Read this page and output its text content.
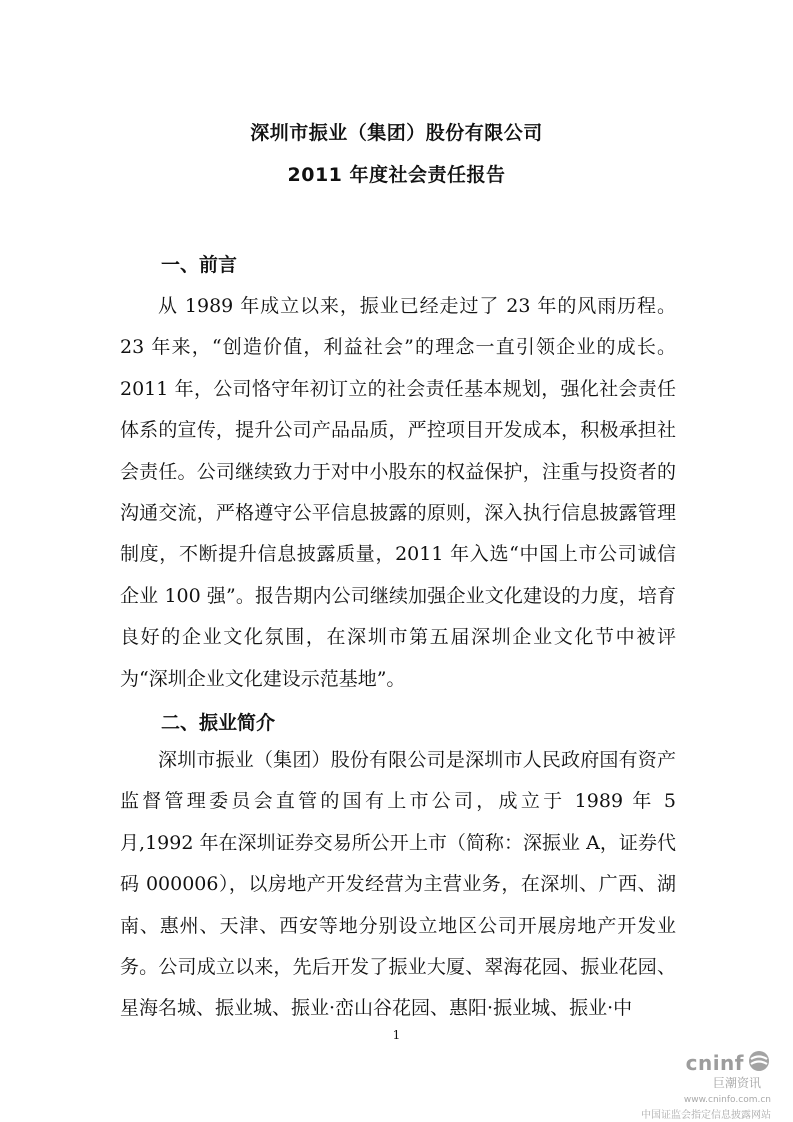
深圳市振业（集团）股份有限公司
2011 年度社会责任报告
一、前言

从 1989 年成立以来，振业已经走过了 23 年的风雨历程。23 年来，“创造价值，利益社会”的理念一直引领企业的成长。2011 年，公司恪守年初订立的社会责任基本规划，强化社会责任体系的宣传，提升公司产品品质，严控项目开发成本，积极承担社会责任。公司继续致力于对中小股东的权益保护，注重与投资者的沟通交流，严格遵守公平信息披露的原则，深入执行信息披露管理制度，不断提升信息披露质量，2011 年入选“中国上市公司诚信企业 100 强”。报告期内公司继续加强企业文化建设的力度，培育良好的企业文化氛围，在深圳市第五届深圳企业文化节中被评为“深圳企业文化建设示范基地”。

二、振业简介

深圳市振业（集团）股份有限公司是深圳市人民政府国有资产监督管理委员会直管的国有上市公司，成立于 1989 年 5 月,1992 年在深圳证券交易所公开上市（简称：深振业 A，证券代码 000006），以房地产开发经营为主营业务，在深圳、广西、湖南、惠州、天津、西安等地分别设立地区公司开展房地产开发业务。公司成立以来，先后开发了振业大厦、翠海花园、振业花园、星海名城、振业城、振业·峦山谷花园、惠阳·振业城、振业·中

1
cninf
巨潮资讯
www.cninfo.com.cn
中国证监会指定信息披露网站
